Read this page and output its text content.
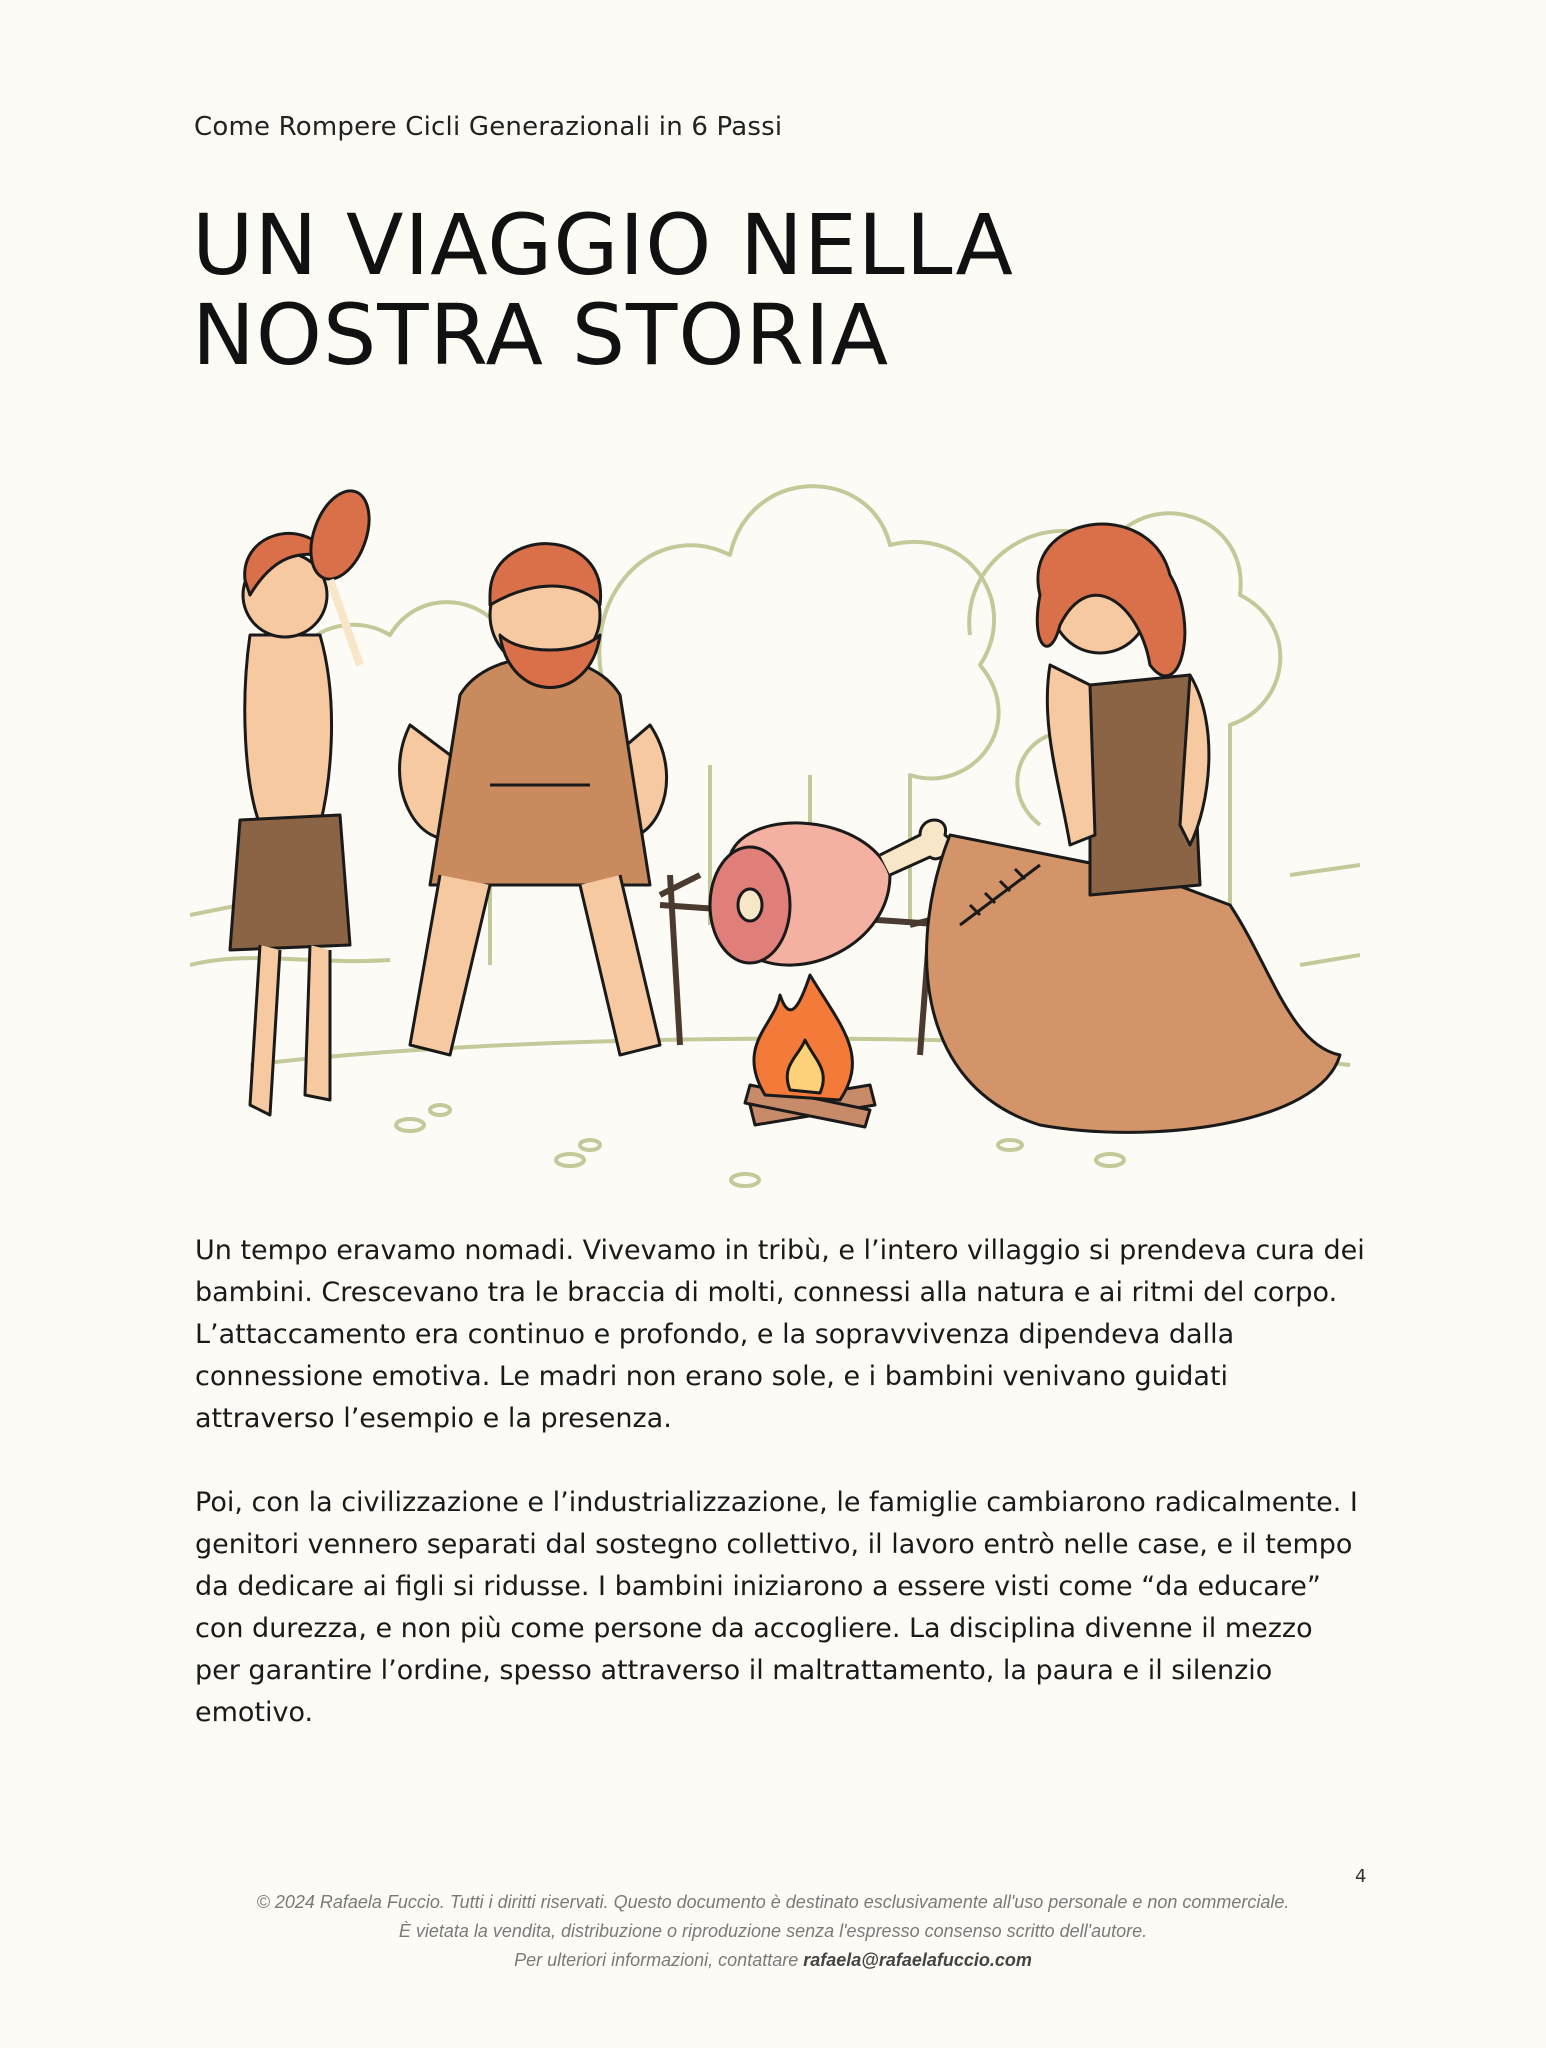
Come Rompere Cicli Generazionali in 6 Passi
UN VIAGGIO NELLA
NOSTRA STORIA

Un tempo eravamo nomadi. Vivevamo in tribù, e l’intero villaggio si prendeva cura dei bambini. Crescevano tra le braccia di molti, connessi alla natura e ai ritmi del corpo. L’attaccamento era continuo e profondo, e la sopravvivenza dipendeva dalla connessione emotiva. Le madri non erano sole, e i bambini venivano guidati attraverso l’esempio e la presenza.

Poi, con la civilizzazione e l’industrializzazione, le famiglie cambiarono radicalmente. I genitori vennero separati dal sostegno collettivo, il lavoro entrò nelle case, e il tempo da dedicare ai figli si ridusse. I bambini iniziarono a essere visti come “da educare” con durezza, e non più come persone da accogliere. La disciplina divenne il mezzo per garantire l’ordine, spesso attraverso il maltrattamento, la paura e il silenzio emotivo.

4
© 2024 Rafaela Fuccio. Tutti i diritti riservati. Questo documento è destinato esclusivamente all'uso personale e non commerciale.
È vietata la vendita, distribuzione o riproduzione senza l'espresso consenso scritto dell'autore.
Per ulteriori informazioni, contattare rafaela@rafaelafuccio.com
